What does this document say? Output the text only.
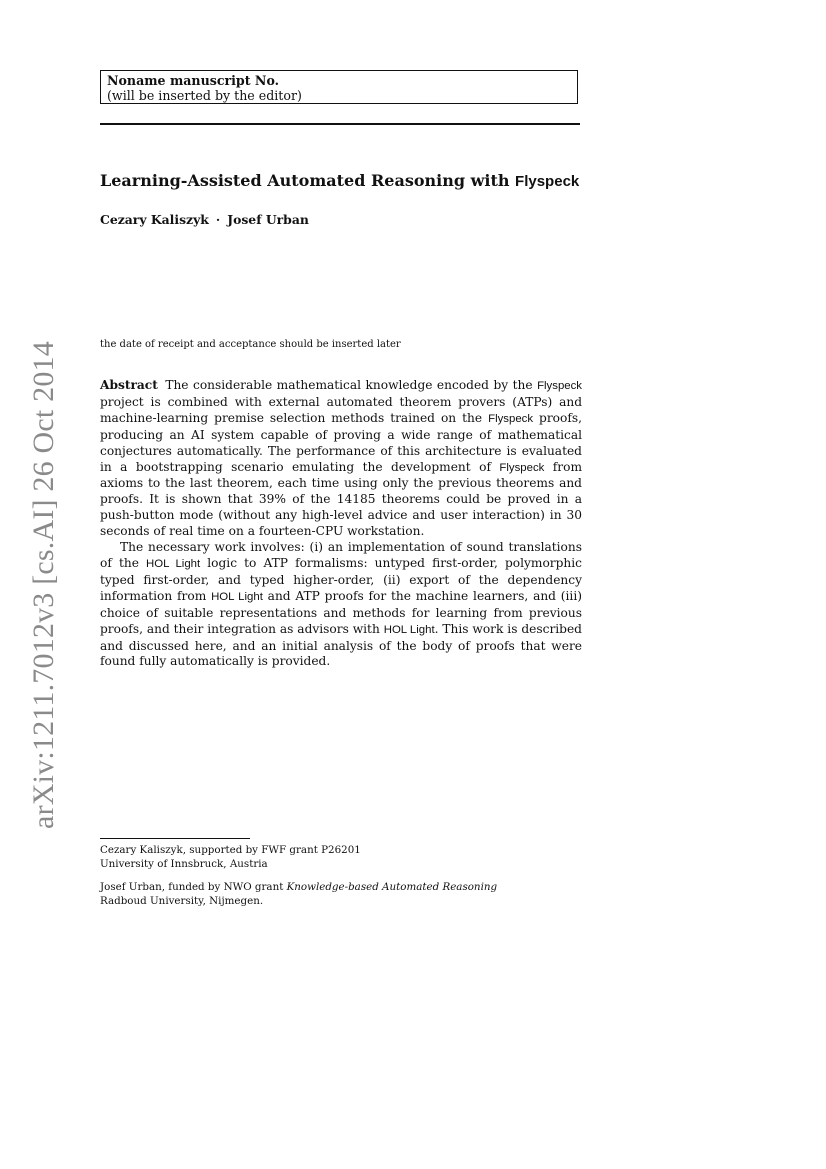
arXiv:1211.7012v3 [cs.AI] 26 Oct 2014
Noname manuscript No.
(will be inserted by the editor)
Learning-Assisted Automated Reasoning with Flyspeck
Cezary Kaliszyk · Josef Urban
the date of receipt and acceptance should be inserted later

Abstract The considerable mathematical knowledge encoded by the Flyspeck project is combined with external automated theorem provers (ATPs) and machine-learning premise selection methods trained on the Flyspeck proofs, producing an AI system capable of proving a wide range of mathematical conjectures automatically. The performance of this architecture is evaluated in a bootstrapping scenario emulating the development of Flyspeck from axioms to the last theorem, each time using only the previous theorems and proofs. It is shown that 39% of the 14185 theorems could be proved in a push-button mode (without any high-level advice and user interaction) in 30 seconds of real time on a fourteen-CPU workstation.

The necessary work involves: (i) an implementation of sound translations of the HOL Light logic to ATP formalisms: untyped first-order, polymorphic typed first-order, and typed higher-order, (ii) export of the dependency information from HOL Light and ATP proofs for the machine learners, and (iii) choice of suitable representations and methods for learning from previous proofs, and their integration as advisors with HOL Light. This work is described and discussed here, and an initial analysis of the body of proofs that were found fully automatically is provided.

Cezary Kaliszyk, supported by FWF grant P26201
University of Innsbruck, Austria
Josef Urban, funded by NWO grant Knowledge-based Automated Reasoning
Radboud University, Nijmegen.
